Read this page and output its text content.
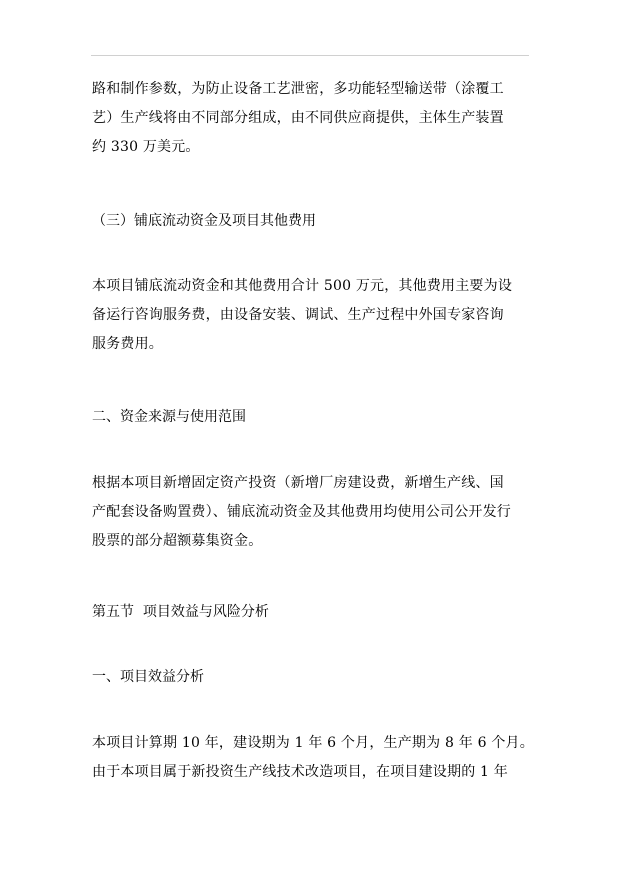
路和制作参数，为防止设备工艺泄密，多功能轻型输送带（涂覆工
艺）生产线将由不同部分组成，由不同供应商提供，主体生产装置
约 330 万美元。

（三）铺底流动资金及项目其他费用

本项目铺底流动资金和其他费用合计 500 万元，其他费用主要为设
备运行咨询服务费，由设备安装、调试、生产过程中外国专家咨询
服务费用。

二、资金来源与使用范围

根据本项目新增固定资产投资（新增厂房建设费，新增生产线、国
产配套设备购置费）、铺底流动资金及其他费用均使用公司公开发行
股票的部分超额募集资金。

第五节  项目效益与风险分析

一、项目效益分析

本项目计算期 10 年，建设期为 1 年 6 个月，生产期为 8 年 6 个月。
由于本项目属于新投资生产线技术改造项目，在项目建设期的 1 年
